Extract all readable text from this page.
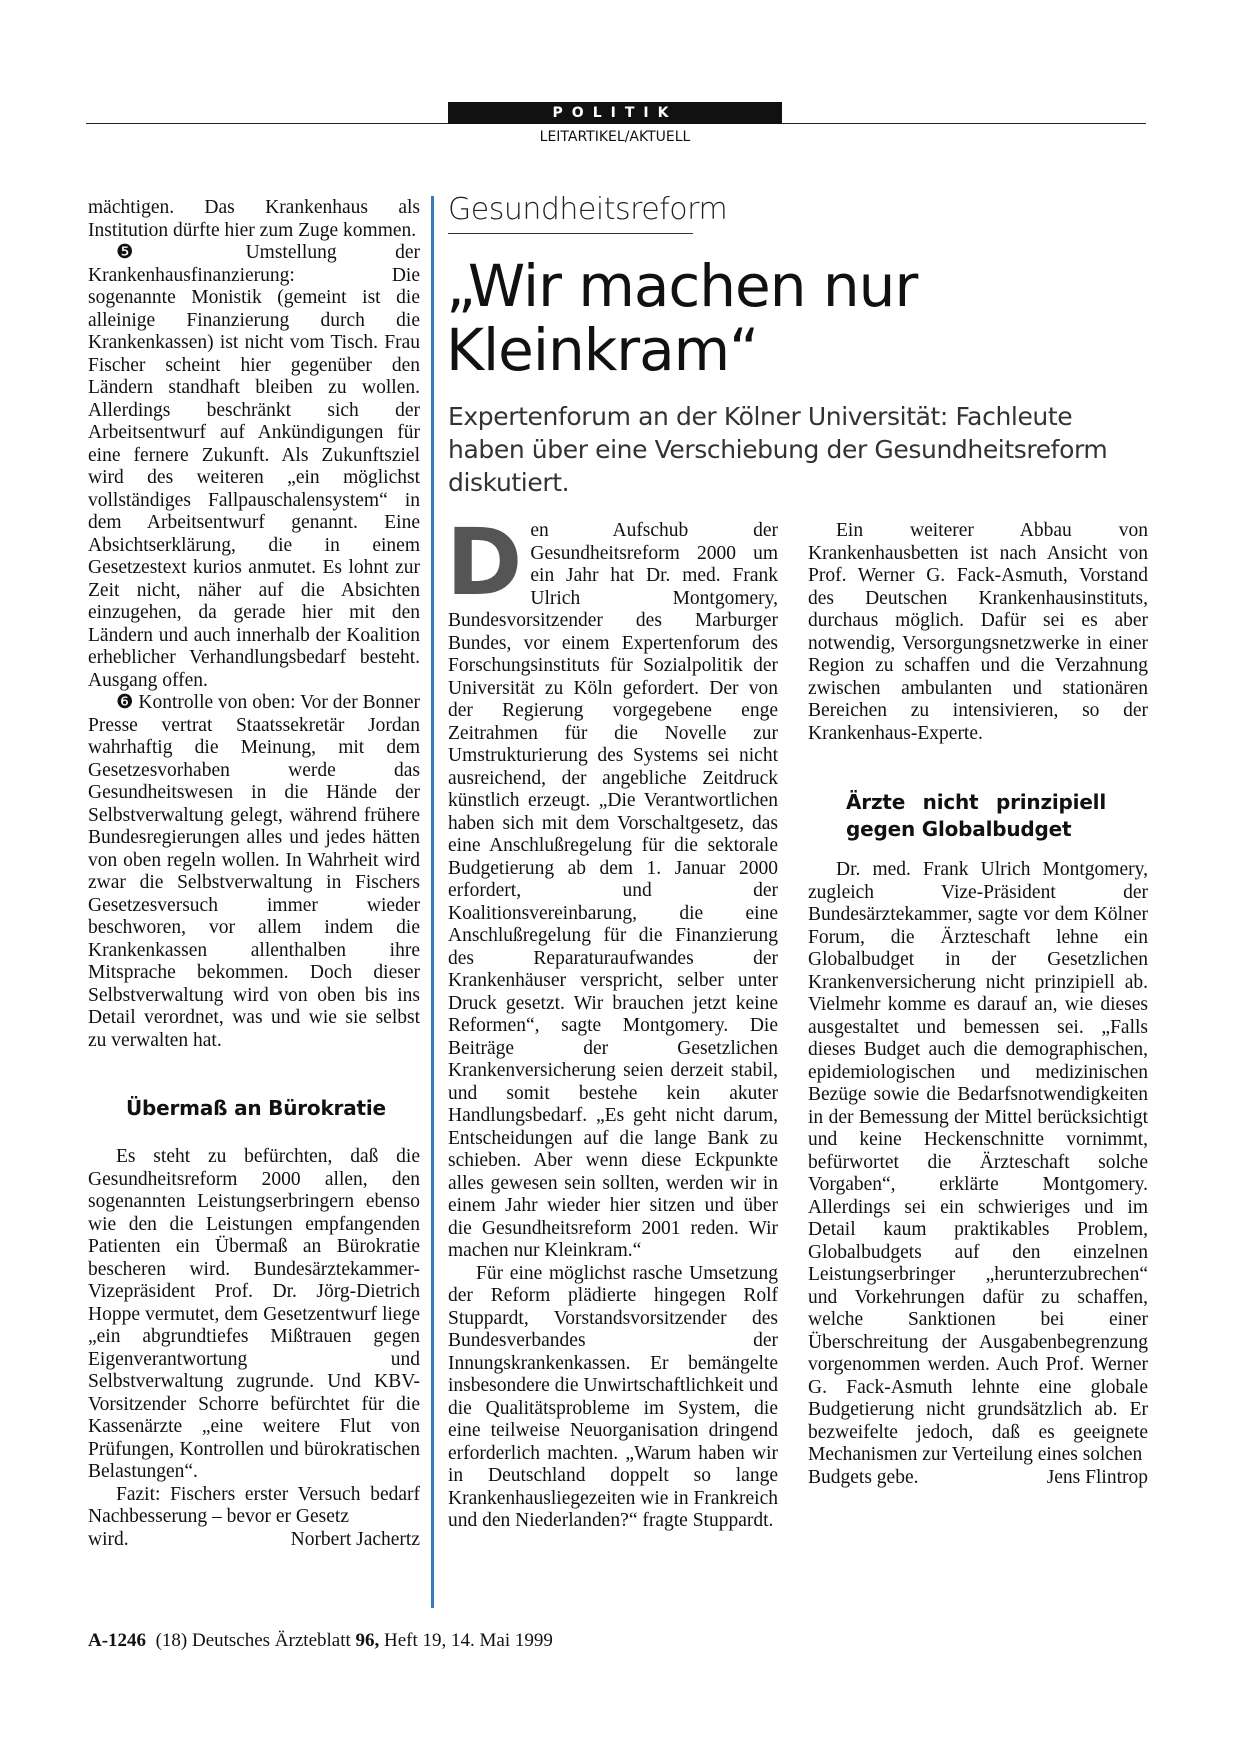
POLITIK
LEITARTIKEL/AKTUELL

mächtigen. Das Krankenhaus als Institution dürfte hier zum Zuge kommen.

❺ Umstellung der Krankenhausfinanzierung: Die sogenannte Monistik (gemeint ist die alleinige Finanzierung durch die Krankenkassen) ist nicht vom Tisch. Frau Fischer scheint hier gegenüber den Ländern standhaft bleiben zu wollen. Allerdings beschränkt sich der Arbeitsentwurf auf Ankündigungen für eine fernere Zukunft. Als Zukunftsziel wird des weiteren „ein möglichst vollständiges Fallpauschalensystem“ in dem Arbeitsentwurf genannt. Eine Absichtserklärung, die in einem Gesetzestext kurios anmutet. Es lohnt zur Zeit nicht, näher auf die Absichten einzugehen, da gerade hier mit den Ländern und auch innerhalb der Koalition erheblicher Verhandlungsbedarf besteht. Ausgang offen.

❻ Kontrolle von oben: Vor der Bonner Presse vertrat Staatssekretär Jordan wahrhaftig die Meinung, mit dem Gesetzesvorhaben werde das Gesundheitswesen in die Hände der Selbstverwaltung gelegt, während frühere Bundesregierungen alles und jedes hätten von oben regeln wollen. In Wahrheit wird zwar die Selbstverwaltung in Fischers Gesetzesversuch immer wieder beschworen, vor allem indem die Krankenkassen allenthalben ihre Mitsprache bekommen. Doch dieser Selbstverwaltung wird von oben bis ins Detail verordnet, was und wie sie selbst zu verwalten hat.

Übermaß an Bürokratie

Es steht zu befürchten, daß die Gesundheitsreform 2000 allen, den sogenannten Leistungserbringern ebenso wie den die Leistungen empfangenden Patienten ein Übermaß an Bürokratie bescheren wird. Bundesärztekammer-Vizepräsident Prof. Dr. Jörg-Dietrich Hoppe vermutet, dem Gesetzentwurf liege „ein abgrundtiefes Mißtrauen gegen Eigenverantwortung und Selbstverwaltung zugrunde. Und KBV-Vorsitzender Schorre befürchtet für die Kassenärzte „eine weitere Flut von Prüfungen, Kontrollen und bürokratischen Belastungen“.

Fazit: Fischers erster Versuch bedarf Nachbesserung – bevor er Gesetz

wird.	Norbert Jachertz
Gesundheitsreform
„Wir machen nur Kleinkram“

Expertenforum an der Kölner Universität: Fachleute haben über eine Verschiebung der Gesundheitsreform diskutiert.

Den Aufschub der Gesundheitsreform 2000 um ein Jahr hat Dr. med. Frank Ulrich Montgomery, Bundesvorsitzender des Marburger Bundes, vor einem Expertenforum des Forschungsinstituts für Sozialpolitik der Universität zu Köln gefordert. Der von der Regierung vorgegebene enge Zeitrahmen für die Novelle zur Umstrukturierung des Systems sei nicht ausreichend, der angebliche Zeitdruck künstlich erzeugt. „Die Verantwortlichen haben sich mit dem Vorschaltgesetz, das eine Anschlußregelung für die sektorale Budgetierung ab dem 1. Januar 2000 erfordert, und der Koalitionsvereinbarung, die eine Anschlußregelung für die Finanzierung des Reparaturaufwandes der Krankenhäuser verspricht, selber unter Druck gesetzt. Wir brauchen jetzt keine Reformen“, sagte Montgomery. Die Beiträge der Gesetzlichen Krankenversicherung seien derzeit stabil, und somit bestehe kein akuter Handlungsbedarf. „Es geht nicht darum, Entscheidungen auf die lange Bank zu schieben. Aber wenn diese Eckpunkte alles gewesen sein sollten, werden wir in einem Jahr wieder hier sitzen und über die Gesundheitsreform 2001 reden. Wir machen nur Kleinkram.“

Für eine möglichst rasche Umsetzung der Reform plädierte hingegen Rolf Stuppardt, Vorstandsvorsitzender des Bundesverbandes der Innungskrankenkassen. Er bemängelte insbesondere die Unwirtschaftlichkeit und die Qualitätsprobleme im System, die eine teilweise Neuorganisation dringend erforderlich machten. „Warum haben wir in Deutschland doppelt so lange Krankenhausliegezeiten wie in Frankreich und den Niederlanden?“ fragte Stuppardt.

Ein weiterer Abbau von Krankenhausbetten ist nach Ansicht von Prof. Werner G. Fack-Asmuth, Vorstand des Deutschen Krankenhausinstituts, durchaus möglich. Dafür sei es aber notwendig, Versorgungsnetzwerke in einer Region zu schaffen und die Verzahnung zwischen ambulanten und stationären Bereichen zu intensivieren, so der Krankenhaus-Experte.

Ärzte nicht prinzipiell gegen Globalbudget

Dr. med. Frank Ulrich Montgomery, zugleich Vize-Präsident der Bundesärztekammer, sagte vor dem Kölner Forum, die Ärzteschaft lehne ein Globalbudget in der Gesetzlichen Krankenversicherung nicht prinzipiell ab. Vielmehr komme es darauf an, wie dieses ausgestaltet und bemessen sei. „Falls dieses Budget auch die demographischen, epidemiologischen und medizinischen Bezüge sowie die Bedarfsnotwendigkeiten in der Bemessung der Mittel berücksichtigt und keine Heckenschnitte vornimmt, befürwortet die Ärzteschaft solche Vorgaben“, erklärte Montgomery. Allerdings sei ein schwieriges und im Detail kaum praktikables Problem, Globalbudgets auf den einzelnen Leistungserbringer „herunterzubrechen“ und Vorkehrungen dafür zu schaffen, welche Sanktionen bei einer Überschreitung der Ausgabenbegrenzung vorgenommen werden. Auch Prof. Werner G. Fack-Asmuth lehnte eine globale Budgetierung nicht grundsätzlich ab. Er bezweifelte jedoch, daß es geeignete Mechanismen zur Verteilung eines solchen

Budgets gebe.	Jens Flintrop
A-1246 (18) Deutsches Ärzteblatt 96, Heft 19, 14. Mai 1999
